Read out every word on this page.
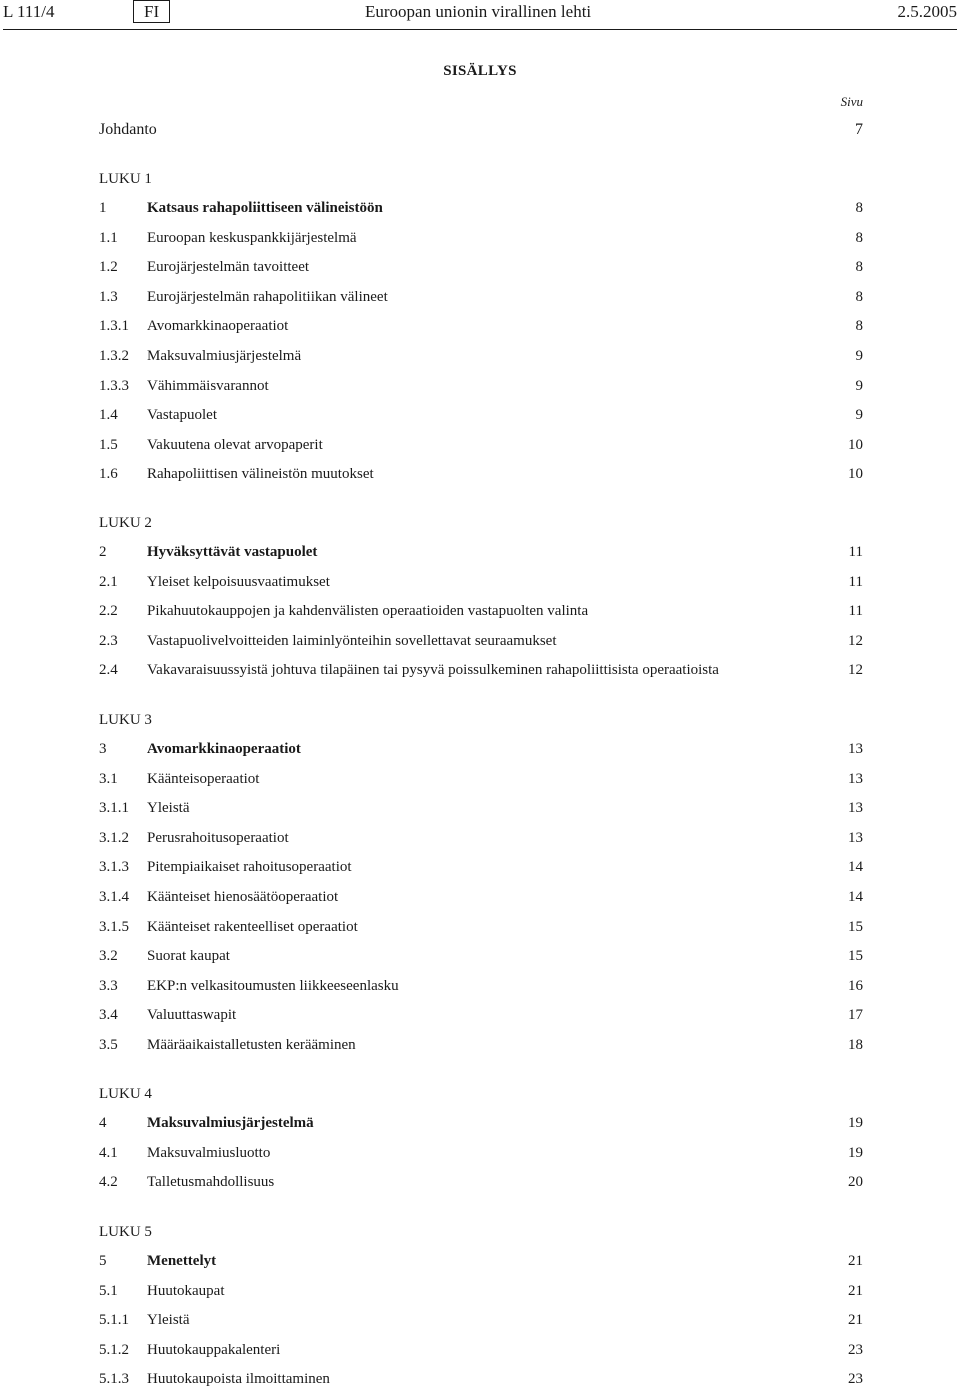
L 111/4	FI	Euroopan unionin virallinen lehti	2.5.2005
SISÄLLYS
Sivu
Johdanto	7
LUKU 1
1	Katsaus rahapoliittiseen välineistöön	8
1.1 Euroopan keskuspankkijärjestelmä	8
1.2 Eurojärjestelmän tavoitteet	8
1.3 Eurojärjestelmän rahapolitiikan välineet	8
1.3.1 Avomarkkinaoperaatiot	8
1.3.2 Maksuvalmiusjärjestelmä	9
1.3.3 Vähimmäisvarannot	9
1.4 Vastapuolet	9
1.5 Vakuutena olevat arvopaperit	10
1.6 Rahapoliittisen välineistön muutokset	10
LUKU 2
2	Hyväksyttävät vastapuolet	11
2.1 Yleiset kelpoisuusvaatimukset	11
2.2 Pikahuutokauppojen ja kahdenvälisten operaatioiden vastapuolten valinta	11
2.3 Vastapuolivelvoitteiden laiminlyönteihin sovellettavat seuraamukset	12
2.4 Vakavaraisuussyistä johtuva tilapäinen tai pysyvä poissulkeminen rahapoliittisista operaatioista	12
LUKU 3
3	Avomarkkinaoperaatiot	13
3.1 Käänteisoperaatiot	13
3.1.1 Yleistä	13
3.1.2 Perusrahoitusoperaatiot	13
3.1.3 Pitempiaikaiset rahoitusoperaatiot	14
3.1.4 Käänteiset hienosäätöoperaatiot	14
3.1.5 Käänteiset rakenteelliset operaatiot	15
3.2 Suorat kaupat	15
3.3 EKP:n velkasitoumusten liikkeeseenlasku	16
3.4 Valuuttaswapit	17
3.5 Määräaikaistalletusten kerääminen	18
LUKU 4
4	Maksuvalmiusjärjestelmä	19
4.1 Maksuvalmiusluotto	19
4.2 Talletusmahdollisuus	20
LUKU 5
5	Menettelyt	21
5.1 Huutokaupat	21
5.1.1 Yleistä	21
5.1.2 Huutokauppakalenteri	23
5.1.3 Huutokaupoista ilmoittaminen	23
